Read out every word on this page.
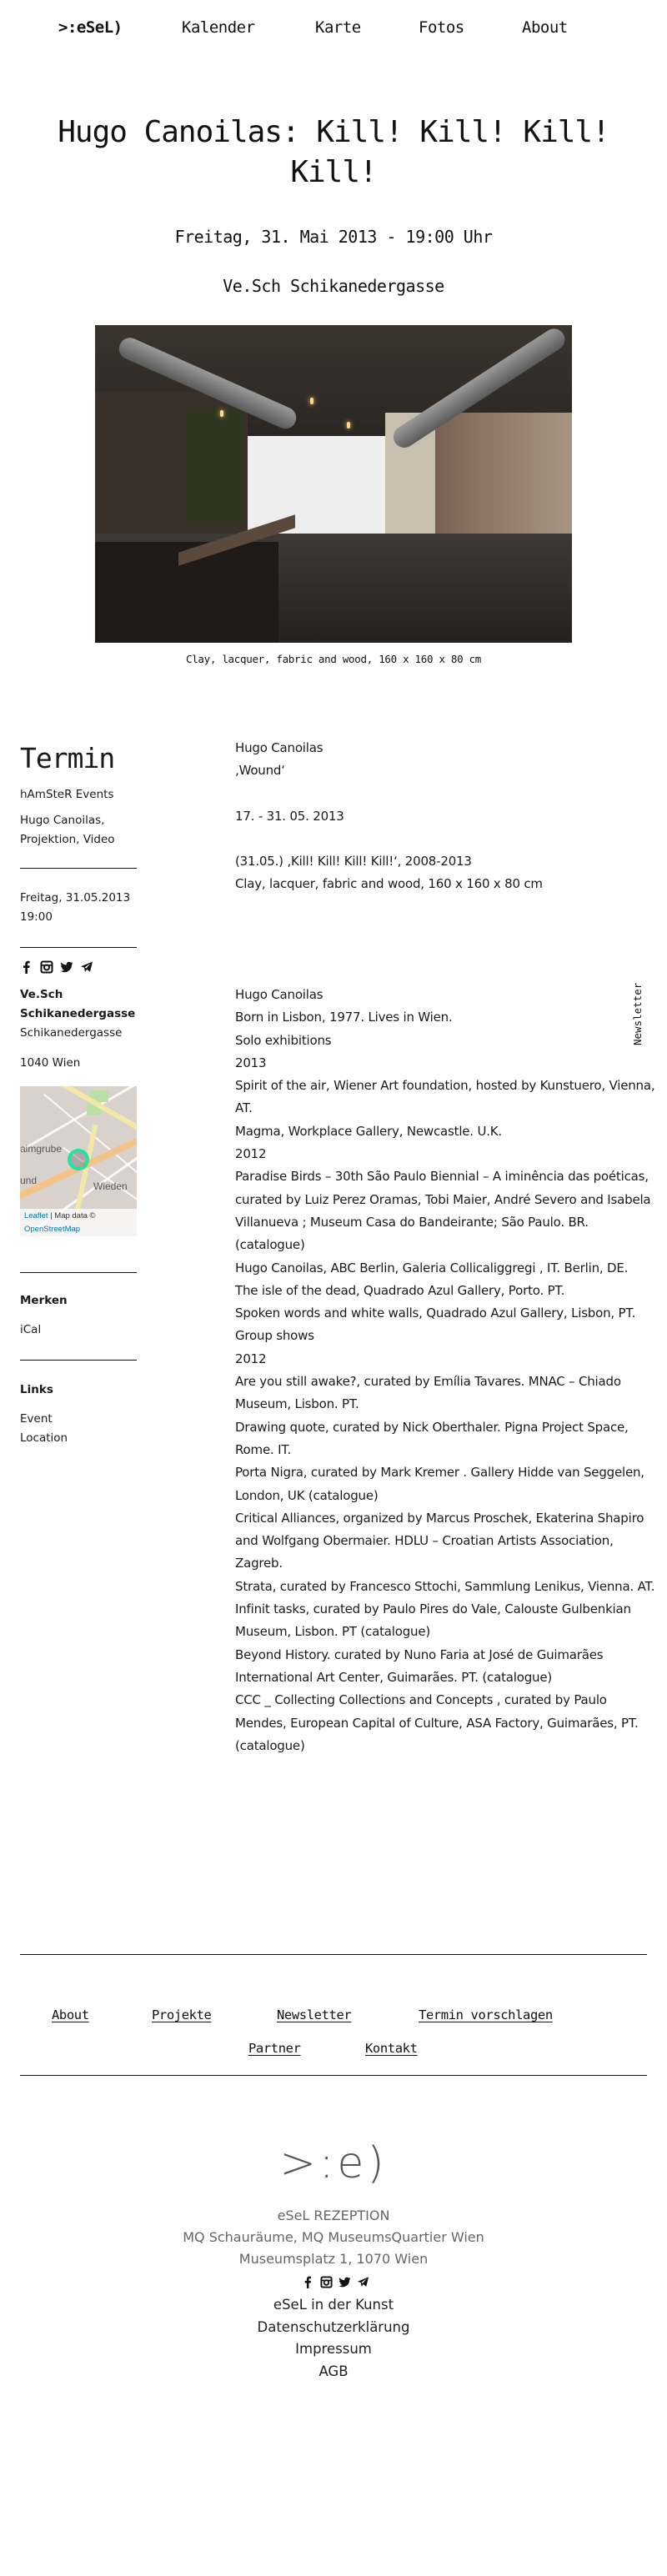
>:eSeL)	Kalender	Karte	Fotos	About
Hugo Canoilas: Kill! Kill! Kill! Kill!
Freitag, 31. Mai 2013 - 19:00 Uhr
Ve.Sch Schikanedergasse
Clay, lacquer, fabric and wood, 160 x 160 x 80 cm
Termin
hAmSteR Events
Hugo Canoilas,
Projektion, Video
Freitag, 31.05.2013
19:00
Ve.Sch
Schikanedergasse
Schikanedergasse
1040 Wien
aimgrube
und	Wieden
Leaflet | Map data ©
OpenStreetMap
Merken
iCal
Links
Event
Location

Hugo Canoilas

‚Wound‘

17. - 31. 05. 2013

(31.05.) ‚Kill! Kill! Kill! Kill!‘, 2008-2013

Clay, lacquer, fabric and wood, 160 x 160 x 80 cm

Hugo Canoilas

Born in Lisbon, 1977. Lives in Wien.

Solo exhibitions

2013

Spirit of the air, Wiener Art foundation, hosted by Kunstuero, Vienna, AT.

Magma, Workplace Gallery, Newcastle. U.K.

2012

Paradise Birds – 30th São Paulo Biennial – A iminência das poéticas, curated by Luiz Perez Oramas, Tobi Maier, André Severo and Isabela Villanueva ; Museum Casa do Bandeirante; São Paulo. BR. (catalogue)

Hugo Canoilas, ABC Berlin, Galeria Collicaliggregi , IT. Berlin, DE.

The isle of the dead, Quadrado Azul Gallery, Porto. PT.

Spoken words and white walls, Quadrado Azul Gallery, Lisbon, PT.

Group shows

2012

Are you still awake?, curated by Emília Tavares. MNAC – Chiado Museum, Lisbon. PT.

Drawing quote, curated by Nick Oberthaler. Pigna Project Space, Rome. IT.

Porta Nigra, curated by Mark Kremer . Gallery Hidde van Seggelen, London, UK (catalogue)

Critical Alliances, organized by Marcus Proschek, Ekaterina Shapiro and Wolfgang Obermaier. HDLU – Croatian Artists Association, Zagreb.

Strata, curated by Francesco Sttochi, Sammlung Lenikus, Vienna. AT.

Infinit tasks, curated by Paulo Pires do Vale, Calouste Gulbenkian Museum, Lisbon. PT (catalogue)

Beyond History. curated by Nuno Faria at José de Guimarães International Art Center, Guimarães. PT. (catalogue)

CCC _ Collecting Collections and Concepts , curated by Paulo Mendes, European Capital of Culture, ASA Factory, Guimarães, PT. (catalogue)

Newsletter
About	Projekte	Newsletter	Termin vorschlagen
Partner	Kontakt
>:e)
eSeL REZEPTION
MQ Schauräume, MQ MuseumsQuartier Wien
Museumsplatz 1, 1070 Wien
eSeL in der Kunst
Datenschutzerklärung
Impressum
AGB
